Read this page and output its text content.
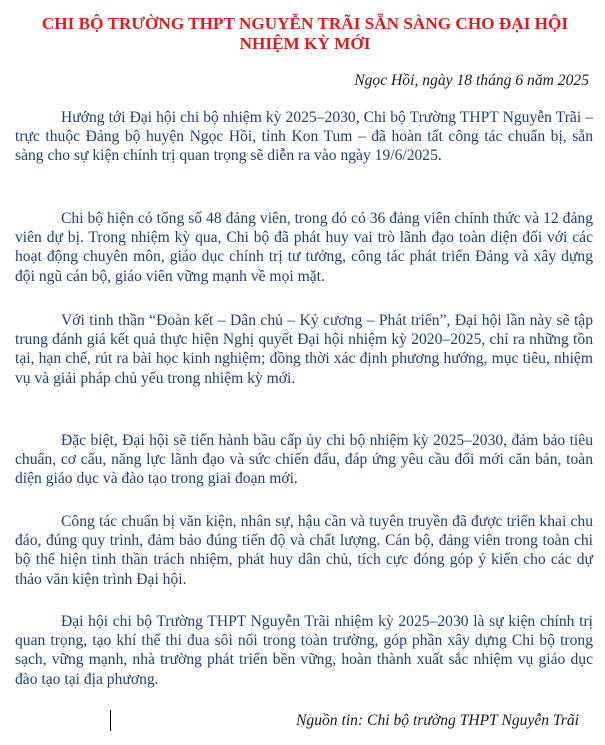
CHI BỘ TRƯỜNG THPT NGUYỄN TRÃI SẴN SÀNG CHO ĐẠI HỘI NHIỆM KỲ MỚI

Ngọc Hồi, ngày 18 tháng 6 năm 2025

Hướng tới Đại hội chi bộ nhiệm kỳ 2025–2030, Chi bộ Trường THPT Nguyễn Trãi – trực thuộc Đảng bộ huyện Ngọc Hồi, tỉnh Kon Tum – đã hoàn tất công tác chuẩn bị, sẵn sàng cho sự kiện chính trị quan trọng sẽ diễn ra vào ngày 19/6/2025.

Chi bộ hiện có tổng số 48 đảng viên, trong đó có 36 đảng viên chính thức và 12 đảng viên dự bị. Trong nhiệm kỳ qua, Chi bộ đã phát huy vai trò lãnh đạo toàn diện đối với các hoạt động chuyên môn, giáo dục chính trị tư tưởng, công tác phát triển Đảng và xây dựng đội ngũ cán bộ, giáo viên vững mạnh về mọi mặt.

Với tinh thần “Đoàn kết – Dân chủ – Kỷ cương – Phát triển”, Đại hội lần này sẽ tập trung đánh giá kết quả thực hiện Nghị quyết Đại hội nhiệm kỳ 2020–2025, chỉ ra những tồn tại, hạn chế, rút ra bài học kinh nghiệm; đồng thời xác định phương hướng, mục tiêu, nhiệm vụ và giải pháp chủ yếu trong nhiệm kỳ mới.

Đặc biệt, Đại hội sẽ tiến hành bầu cấp ủy chi bộ nhiệm kỳ 2025–2030, đảm bảo tiêu chuẩn, cơ cấu, năng lực lãnh đạo và sức chiến đấu, đáp ứng yêu cầu đổi mới căn bản, toàn diện giáo dục và đào tạo trong giai đoạn mới.

Công tác chuẩn bị văn kiện, nhân sự, hậu cần và tuyên truyền đã được triển khai chu đáo, đúng quy trình, đảm bảo đúng tiến độ và chất lượng. Cán bộ, đảng viên trong toàn chi bộ thể hiện tinh thần trách nhiệm, phát huy dân chủ, tích cực đóng góp ý kiến cho các dự thảo văn kiện trình Đại hội.

Đại hội chi bộ Trường THPT Nguyễn Trãi nhiệm kỳ 2025–2030 là sự kiện chính trị quan trọng, tạo khí thế thi đua sôi nổi trong toàn trường, góp phần xây dựng Chi bộ trong sạch, vững mạnh, nhà trường phát triển bền vững, hoàn thành xuất sắc nhiệm vụ giáo dục đào tạo tại địa phương.

Nguồn tin: Chi bộ trường THPT Nguyễn Trãi
